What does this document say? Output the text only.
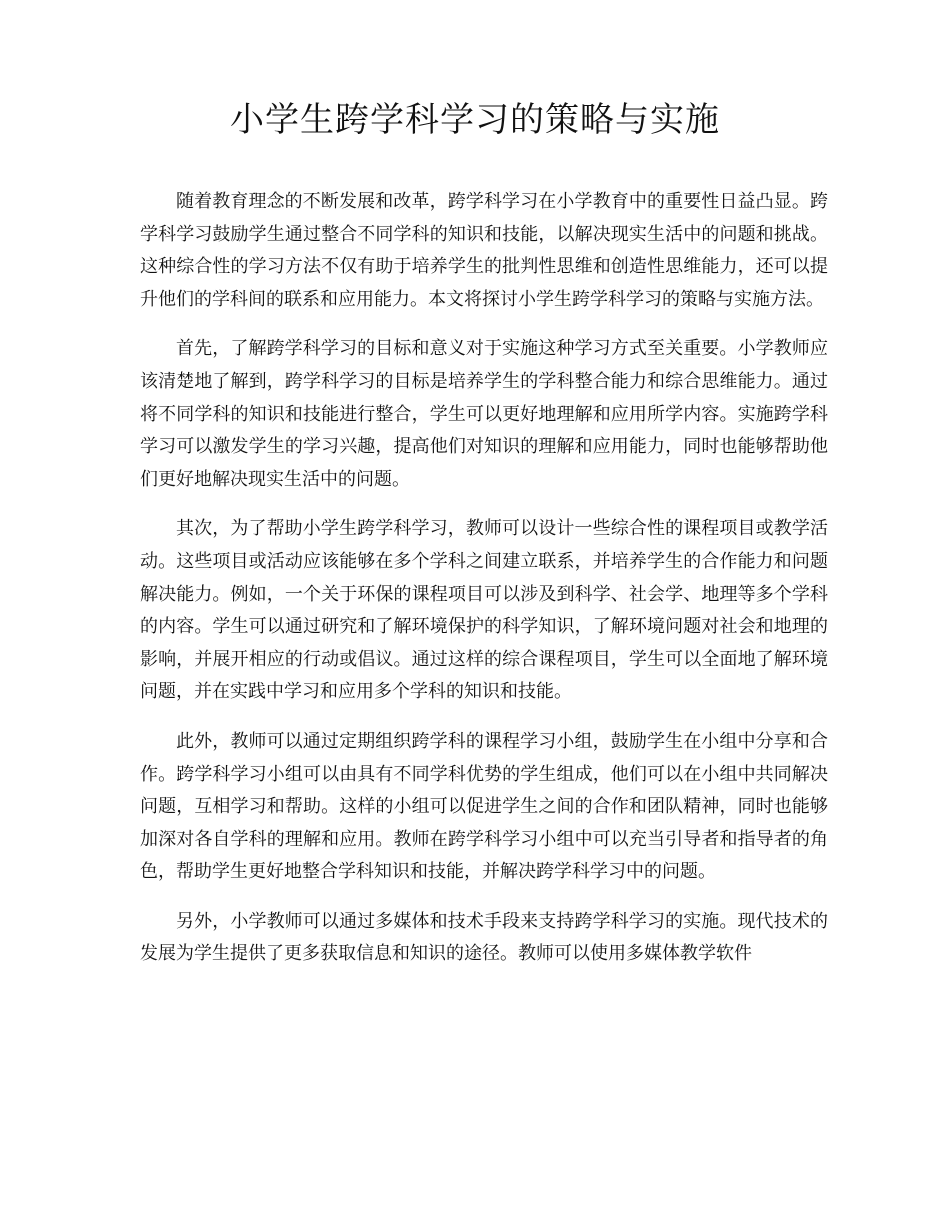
小学生跨学科学习的策略与实施

随着教育理念的不断发展和改革，跨学科学习在小学教育中的重要性日益凸显。跨学科学习鼓励学生通过整合不同学科的知识和技能，以解决现实生活中的问题和挑战。这种综合性的学习方法不仅有助于培养学生的批判性思维和创造性思维能力，还可以提升他们的学科间的联系和应用能力。本文将探讨小学生跨学科学习的策略与实施方法。

首先，了解跨学科学习的目标和意义对于实施这种学习方式至关重要。小学教师应该清楚地了解到，跨学科学习的目标是培养学生的学科整合能力和综合思维能力。通过将不同学科的知识和技能进行整合，学生可以更好地理解和应用所学内容。实施跨学科学习可以激发学生的学习兴趣，提高他们对知识的理解和应用能力，同时也能够帮助他们更好地解决现实生活中的问题。

其次，为了帮助小学生跨学科学习，教师可以设计一些综合性的课程项目或教学活动。这些项目或活动应该能够在多个学科之间建立联系，并培养学生的合作能力和问题解决能力。例如，一个关于环保的课程项目可以涉及到科学、社会学、地理等多个学科的内容。学生可以通过研究和了解环境保护的科学知识，了解环境问题对社会和地理的影响，并展开相应的行动或倡议。通过这样的综合课程项目，学生可以全面地了解环境问题，并在实践中学习和应用多个学科的知识和技能。

此外，教师可以通过定期组织跨学科的课程学习小组，鼓励学生在小组中分享和合作。跨学科学习小组可以由具有不同学科优势的学生组成，他们可以在小组中共同解决问题，互相学习和帮助。这样的小组可以促进学生之间的合作和团队精神，同时也能够加深对各自学科的理解和应用。教师在跨学科学习小组中可以充当引导者和指导者的角色，帮助学生更好地整合学科知识和技能，并解决跨学科学习中的问题。

另外，小学教师可以通过多媒体和技术手段来支持跨学科学习的实施。现代技术的发展为学生提供了更多获取信息和知识的途径。教师可以使用多媒体教学软件
